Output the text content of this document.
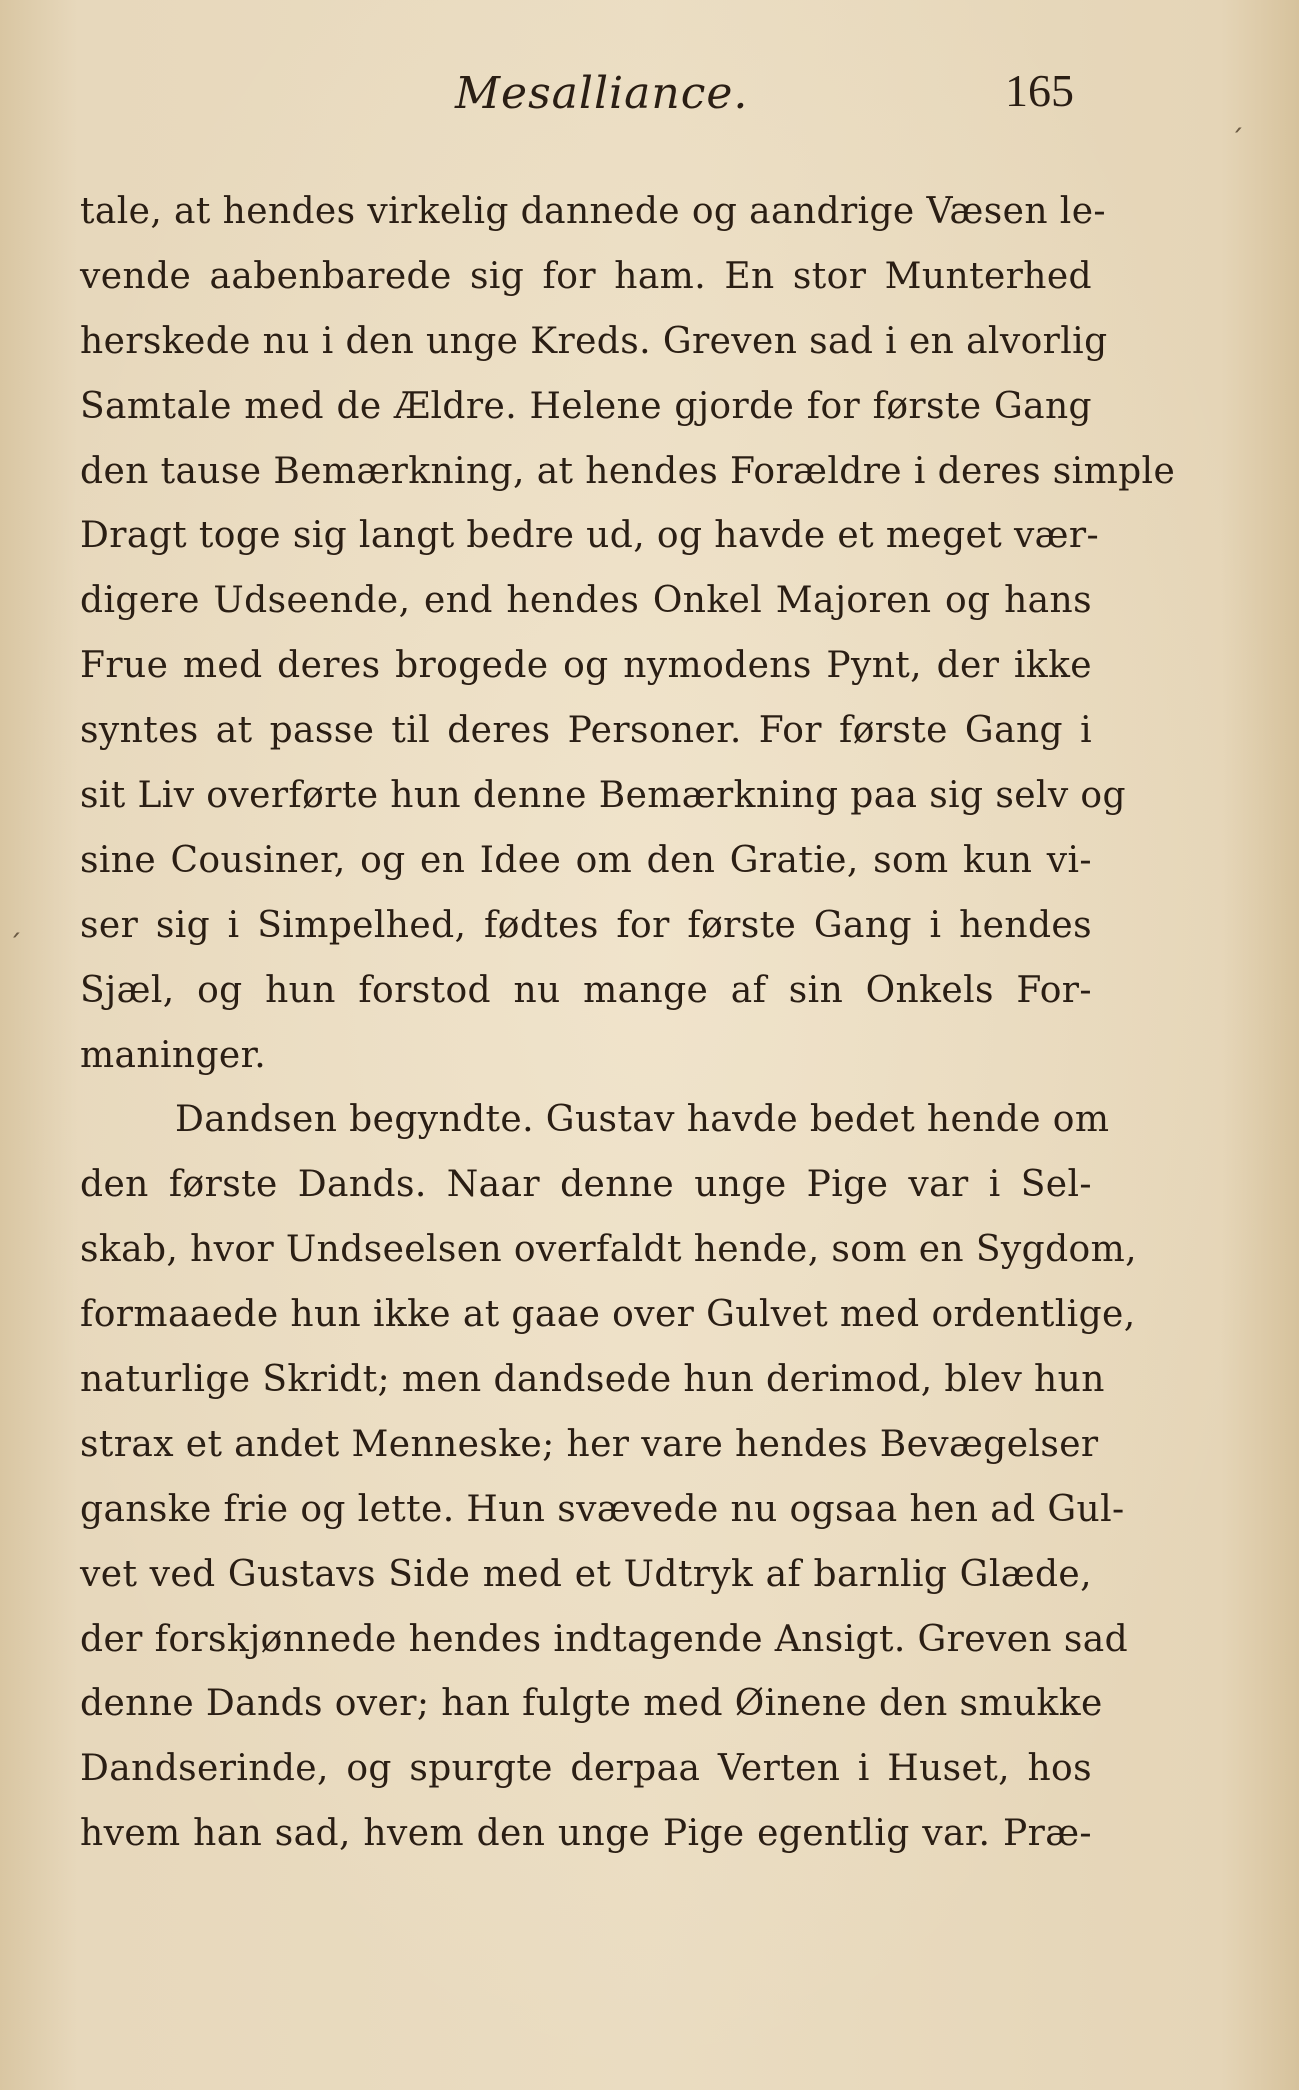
Mesalliance.	165
ˏ
ˏ
tale, at hendes virkelig dannede og aandrige Væsen le-
vende aabenbarede sig for ham. En stor Munterhed
herskede nu i den unge Kreds. Greven sad i en alvorlig
Samtale med de Ældre. Helene gjorde for første Gang
den tause Bemærkning, at hendes Forældre i deres simple
Dragt toge sig langt bedre ud, og havde et meget vær-
digere Udseende, end hendes Onkel Majoren og hans
Frue med deres brogede og nymodens Pynt, der ikke
syntes at passe til deres Personer. For første Gang i
sit Liv overførte hun denne Bemærkning paa sig selv og
sine Cousiner, og en Idee om den Gratie, som kun vi-
ser sig i Simpelhed, fødtes for første Gang i hendes
Sjæl, og hun forstod nu mange af sin Onkels For-
maninger.
Dandsen begyndte. Gustav havde bedet hende om
den første Dands. Naar denne unge Pige var i Sel-
skab, hvor Undseelsen overfaldt hende, som en Sygdom,
formaaede hun ikke at gaae over Gulvet med ordentlige,
naturlige Skridt; men dandsede hun derimod, blev hun
strax et andet Menneske; her vare hendes Bevægelser
ganske frie og lette. Hun svævede nu ogsaa hen ad Gul-
vet ved Gustavs Side med et Udtryk af barnlig Glæde,
der forskjønnede hendes indtagende Ansigt. Greven sad
denne Dands over; han fulgte med Øinene den smukke
Dandserinde, og spurgte derpaa Verten i Huset, hos
hvem han sad, hvem den unge Pige egentlig var. Præ-
